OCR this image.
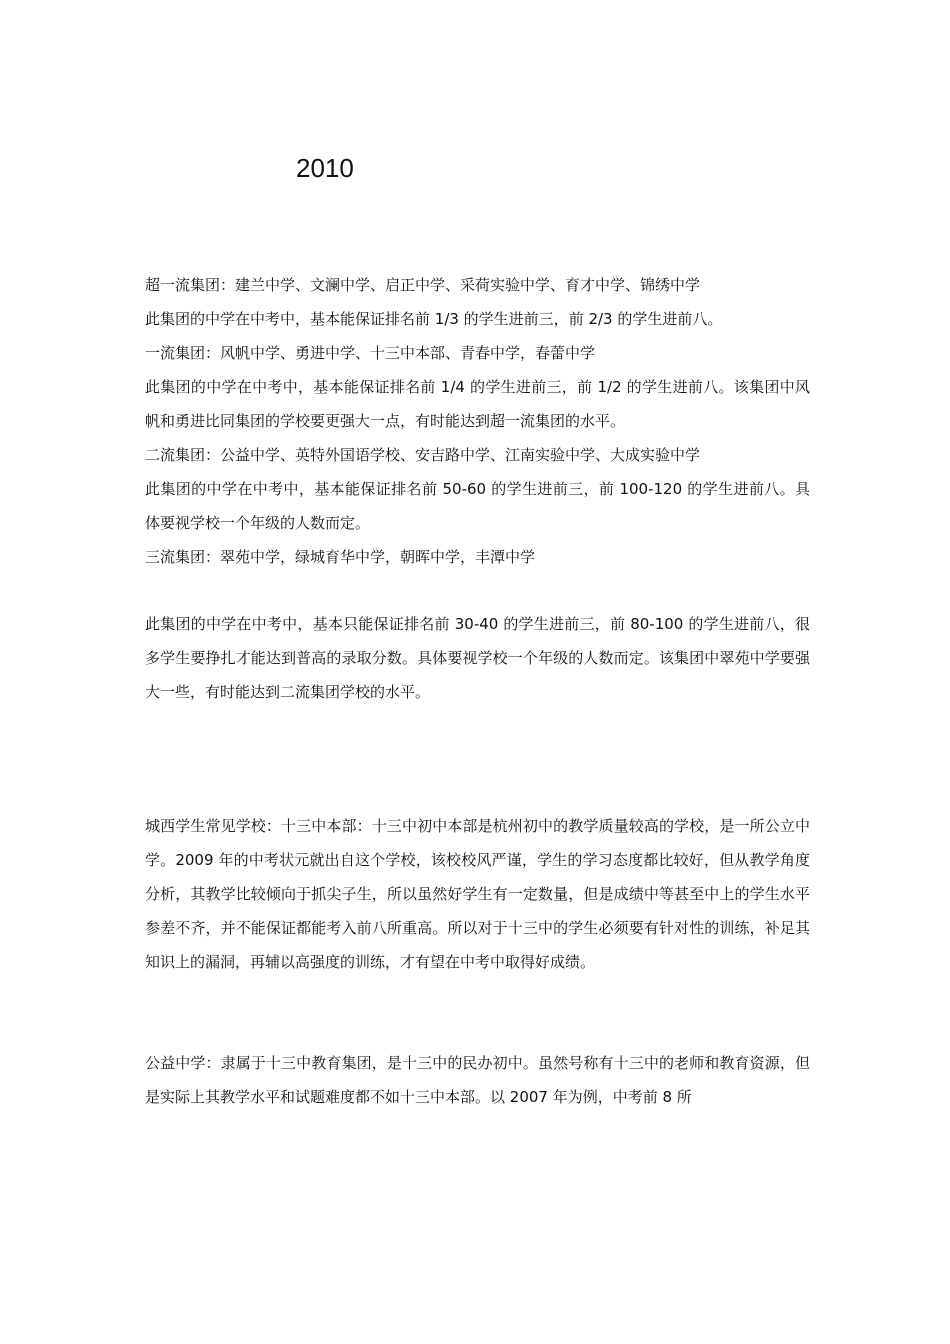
2010

超一流集团：建兰中学、文澜中学、启正中学、采荷实验中学、育才中学、锦绣中学

此集团的中学在中考中，基本能保证排名前 1/3 的学生进前三，前 2/3 的学生进前八。

一流集团：风帆中学、勇进中学、十三中本部、青春中学，春蕾中学

此集团的中学在中考中，基本能保证排名前 1/4 的学生进前三，前 1/2 的学生进前八。该集团中风帆和勇进比同集团的学校要更强大一点，有时能达到超一流集团的水平。

二流集团：公益中学、英特外国语学校、安吉路中学、江南实验中学、大成实验中学

此集团的中学在中考中，基本能保证排名前 50-60 的学生进前三，前 100-120 的学生进前八。具体要视学校一个年级的人数而定。

三流集团：翠苑中学，绿城育华中学，朝晖中学，丰潭中学

此集团的中学在中考中，基本只能保证排名前 30-40 的学生进前三，前 80-100 的学生进前八，很多学生要挣扎才能达到普高的录取分数。具体要视学校一个年级的人数而定。该集团中翠苑中学要强大一些，有时能达到二流集团学校的水平。

城西学生常见学校：十三中本部：十三中初中本部是杭州初中的教学质量较高的学校，是一所公立中学。2009 年的中考状元就出自这个学校，该校校风严谨，学生的学习态度都比较好，但从教学角度分析，其教学比较倾向于抓尖子生，所以虽然好学生有一定数量，但是成绩中等甚至中上的学生水平参差不齐，并不能保证都能考入前八所重高。所以对于十三中的学生必须要有针对性的训练，补足其知识上的漏洞，再辅以高强度的训练，才有望在中考中取得好成绩。

公益中学：隶属于十三中教育集团，是十三中的民办初中。虽然号称有十三中的老师和教育资源，但是实际上其教学水平和试题难度都不如十三中本部。以 2007 年为例，中考前 8 所
